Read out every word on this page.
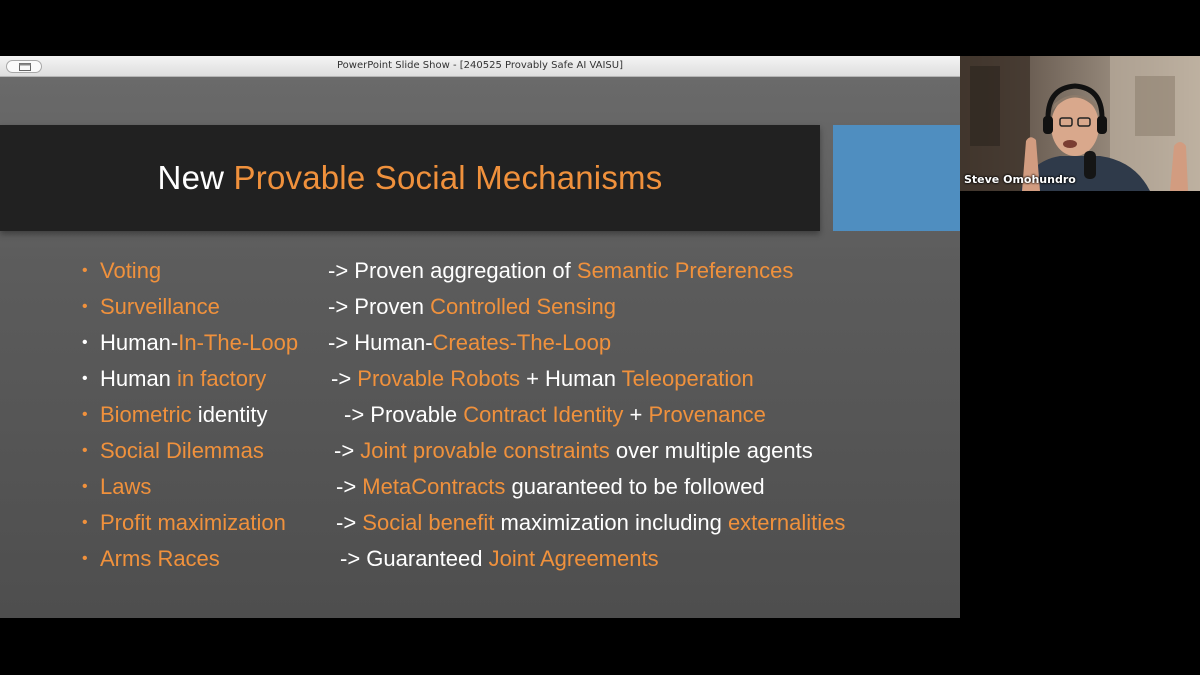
PowerPoint Slide Show - [240525 Provably Safe AI VAISU]
New Provable Social Mechanisms
• Voting	-> Proven aggregation of Semantic Preferences
• Surveillance	-> Proven Controlled Sensing
• Human-In-The-Loop -> Human-Creates-The-Loop
• Human in factory	-> Provable Robots + Human Teleoperation
• Biometric identity	-> Provable Contract Identity + Provenance
• Social Dilemmas	-> Joint provable constraints over multiple agents
• Laws	-> MetaContracts guaranteed to be followed
• Profit maximization -> Social benefit maximization including externalities
• Arms Races	-> Guaranteed Joint Agreements
Steve Omohundro
